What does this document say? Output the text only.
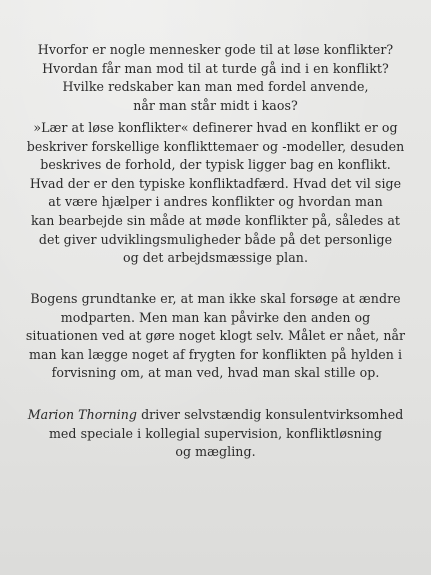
Hvorfor er nogle mennesker gode til at løse konflikter?
Hvordan får man mod til at turde gå ind i en konflikt?
Hvilke redskaber kan man med fordel anvende,
når man står midt i kaos?
»Lær at løse konflikter« definerer hvad en konflikt er og
beskriver forskellige konflikttemaer og -modeller, desuden
beskrives de forhold, der typisk ligger bag en konflikt.
Hvad der er den typiske konfliktadfærd. Hvad det vil sige
at være hjælper i andres konflikter og hvordan man
kan bearbejde sin måde at møde konflikter på, således at
det giver udviklingsmuligheder både på det personlige
og det arbejdsmæssige plan.
Bogens grundtanke er, at man ikke skal forsøge at ændre
modparten. Men man kan påvirke den anden og
situationen ved at gøre noget klogt selv. Målet er nået, når
man kan lægge noget af frygten for konflikten på hylden i
forvisning om, at man ved, hvad man skal stille op.
Marion Thorning driver selvstændig konsulentvirksomhed
med speciale i kollegial supervision, konfliktløsning
og mægling.
